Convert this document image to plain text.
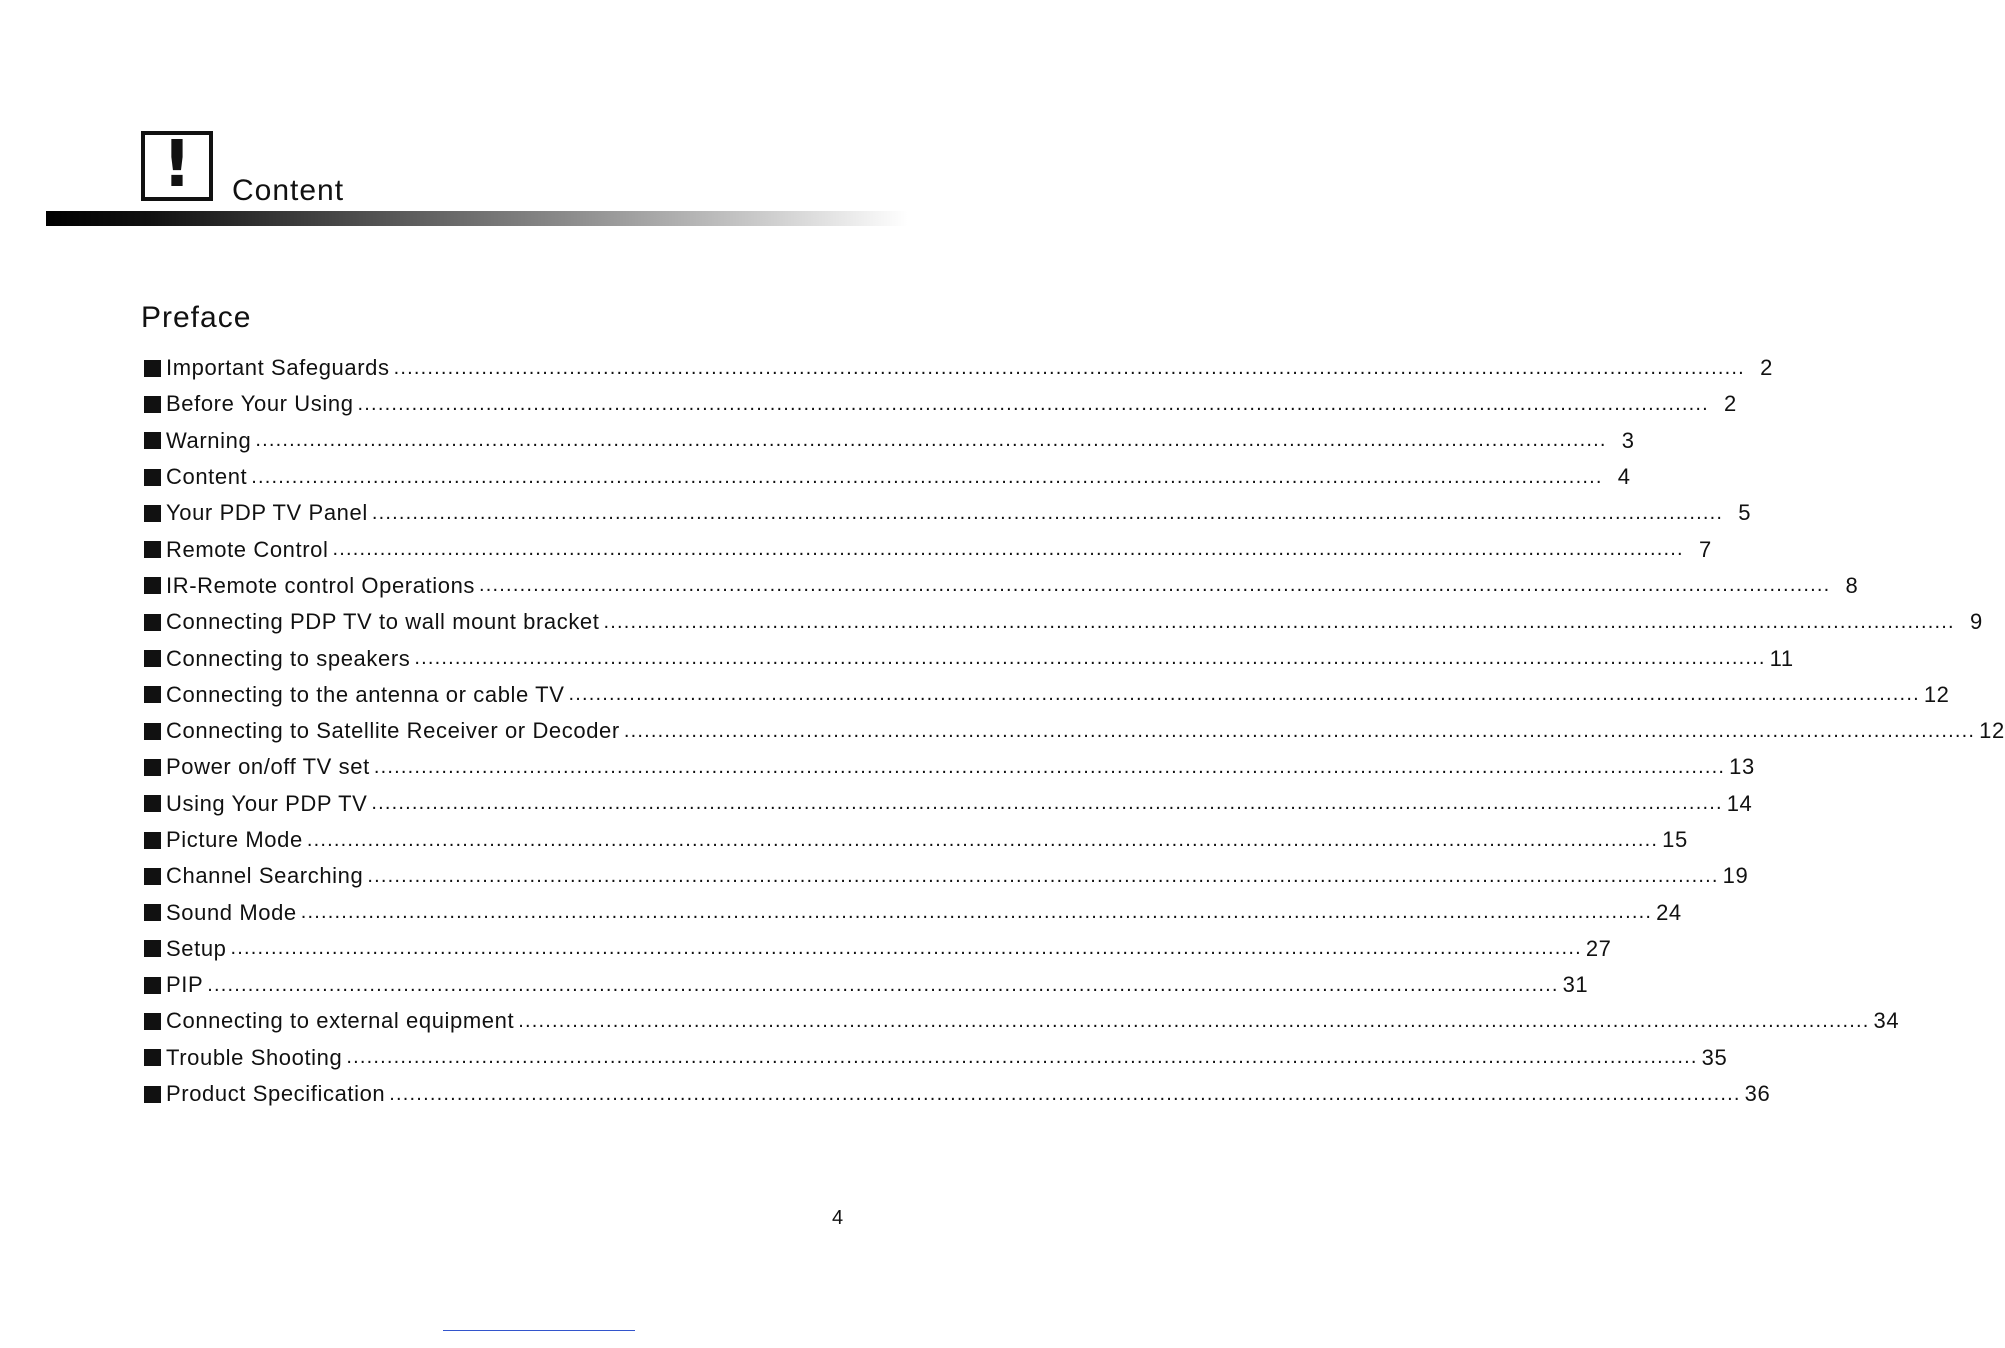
! Content
Preface
Important Safeguards ........................................................................................................................................................................................................ 2
Before Your Using ........................................................................................................................................................................................................ 2
Warning ........................................................................................................................................................................................................ 3
Content ........................................................................................................................................................................................................ 4
Your PDP TV Panel ........................................................................................................................................................................................................ 5
Remote Control ........................................................................................................................................................................................................ 7
IR-Remote control Operations ........................................................................................................................................................................................................ 8
Connecting PDP TV to wall mount bracket ........................................................................................................................................................................................................ 9
Connecting to speakers ........................................................................................................................................................................................................ 11
Connecting to the antenna or cable TV ........................................................................................................................................................................................................ 12
Connecting to Satellite Receiver or Decoder ........................................................................................................................................................................................................ 12
Power on/off TV set ........................................................................................................................................................................................................ 13
Using Your PDP TV ........................................................................................................................................................................................................ 14
Picture Mode ........................................................................................................................................................................................................ 15
Channel Searching ........................................................................................................................................................................................................ 19
Sound Mode ........................................................................................................................................................................................................ 24
Setup ........................................................................................................................................................................................................ 27
PIP ........................................................................................................................................................................................................ 31
Connecting to external equipment ........................................................................................................................................................................................................ 34
Trouble Shooting ........................................................................................................................................................................................................ 35
Product Specification ........................................................................................................................................................................................................ 36
4
